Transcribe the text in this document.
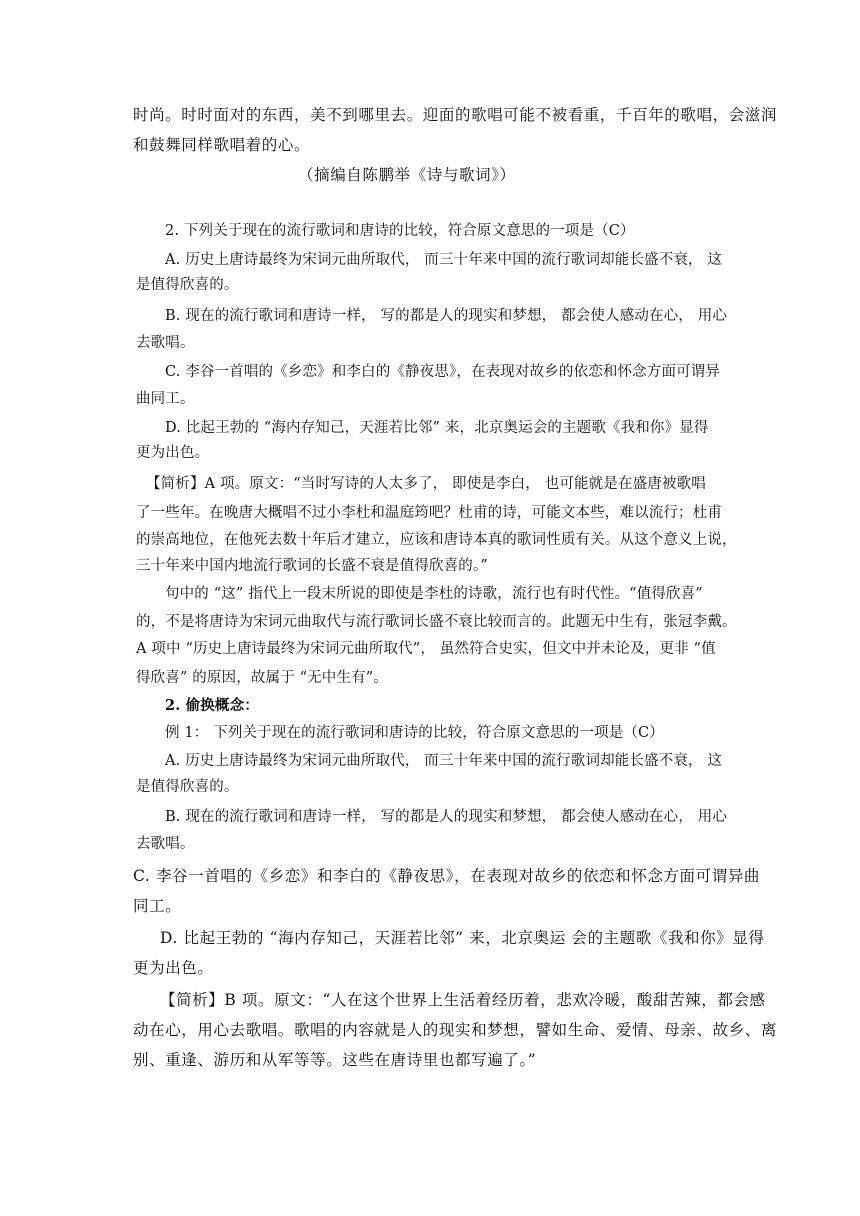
时尚。时时面对的东西，美不到哪里去。迎面的歌唱可能不被看重，千百年的歌唱，会滋润
和鼓舞同样歌唱着的心。
（摘编自陈鹏举《诗与歌词》）
2. 下列关于现在的流行歌词和唐诗的比较，符合原文意思的一项是（C）
A. 历史上唐诗最终为宋词元曲所取代， 而三十年来中国的流行歌词却能长盛不衰， 这
是值得欣喜的。
B. 现在的流行歌词和唐诗一样， 写的都是人的现实和梦想， 都会使人感动在心， 用心
去歌唱。
C. 李谷一首唱的《乡恋》和李白的《静夜思》，在表现对故乡的依恋和怀念方面可谓异
曲同工。
D. 比起王勃的 “海内存知己，天涯若比邻” 来，北京奥运会的主题歌《我和你》显得
更为出色。
【简析】A 项。原文：“当时写诗的人太多了， 即使是李白， 也可能就是在盛唐被歌唱
了一些年。在晚唐大概唱不过小李杜和温庭筠吧？杜甫的诗，可能文本些，难以流行；杜甫
的崇高地位，在他死去数十年后才建立，应该和唐诗本真的歌词性质有关。从这个意义上说，
三十年来中国内地流行歌词的长盛不衰是值得欣喜的。”
句中的 “这” 指代上一段末所说的即使是李杜的诗歌，流行也有时代性。“值得欣喜”
的，不是将唐诗为宋词元曲取代与流行歌词长盛不衰比较而言的。此题无中生有，张冠李戴。
A 项中 “历史上唐诗最终为宋词元曲所取代”， 虽然符合史实，但文中并未论及，更非 “值
得欣喜” 的原因，故属于 “无中生有”。
2. 偷换概念：
例 1： 下列关于现在的流行歌词和唐诗的比较，符合原文意思的一项是（C）
A. 历史上唐诗最终为宋词元曲所取代， 而三十年来中国的流行歌词却能长盛不衰， 这
是值得欣喜的。
B. 现在的流行歌词和唐诗一样， 写的都是人的现实和梦想， 都会使人感动在心， 用心
去歌唱。
C. 李谷一首唱的《乡恋》和李白的《静夜思》，在表现对故乡的依恋和怀念方面可谓异曲
同工。
D. 比起王勃的 “海内存知己，天涯若比邻” 来，北京奥运 会的主题歌《我和你》显得
更为出色。
【简析】B 项。原文：“人在这个世界上生活着经历着，悲欢冷暖，酸甜苦辣，都会感
动在心，用心去歌唱。歌唱的内容就是人的现实和梦想，譬如生命、爱情、母亲、故乡、离
别、重逢、游历和从军等等。这些在唐诗里也都写遍了。”
